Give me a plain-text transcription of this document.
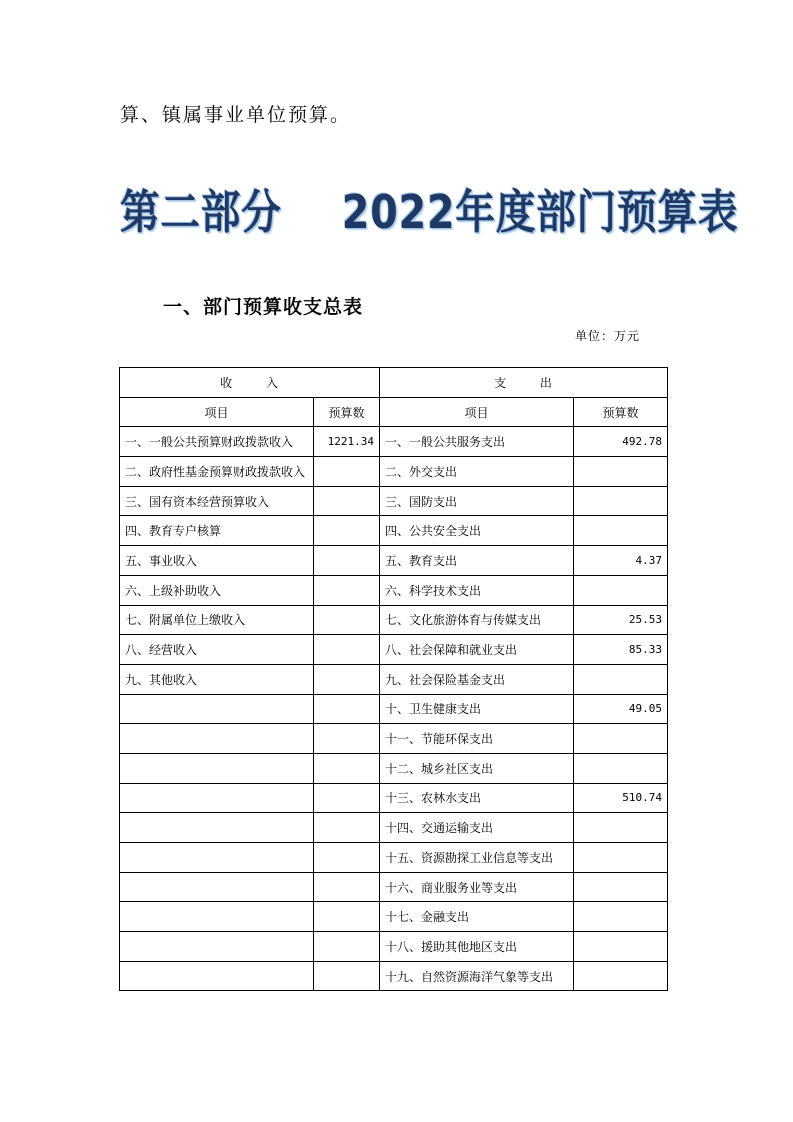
算、镇属事业单位预算。
第二部分 2022年度部门预算表
一、部门预算收支总表
单位：万元
收 入		支 出	
项目	预算数	项目	预算数
一、一般公共预算财政拨款收入	1221.34	一、一般公共服务支出	492.78
二、政府性基金预算财政拨款收入		二、外交支出	
三、国有资本经营预算收入		三、国防支出	
四、教育专户核算		四、公共安全支出	
五、事业收入		五、教育支出	4.37
六、上级补助收入		六、科学技术支出	
七、附属单位上缴收入		七、文化旅游体育与传媒支出	25.53
八、经营收入		八、社会保障和就业支出	85.33
九、其他收入		九、社会保险基金支出	
		十、卫生健康支出	49.05
		十一、节能环保支出	
		十二、城乡社区支出	
		十三、农林水支出	510.74
		十四、交通运输支出	
		十五、资源勘探工业信息等支出	
		十六、商业服务业等支出	
		十七、金融支出	
		十八、援助其他地区支出	
		十九、自然资源海洋气象等支出	
